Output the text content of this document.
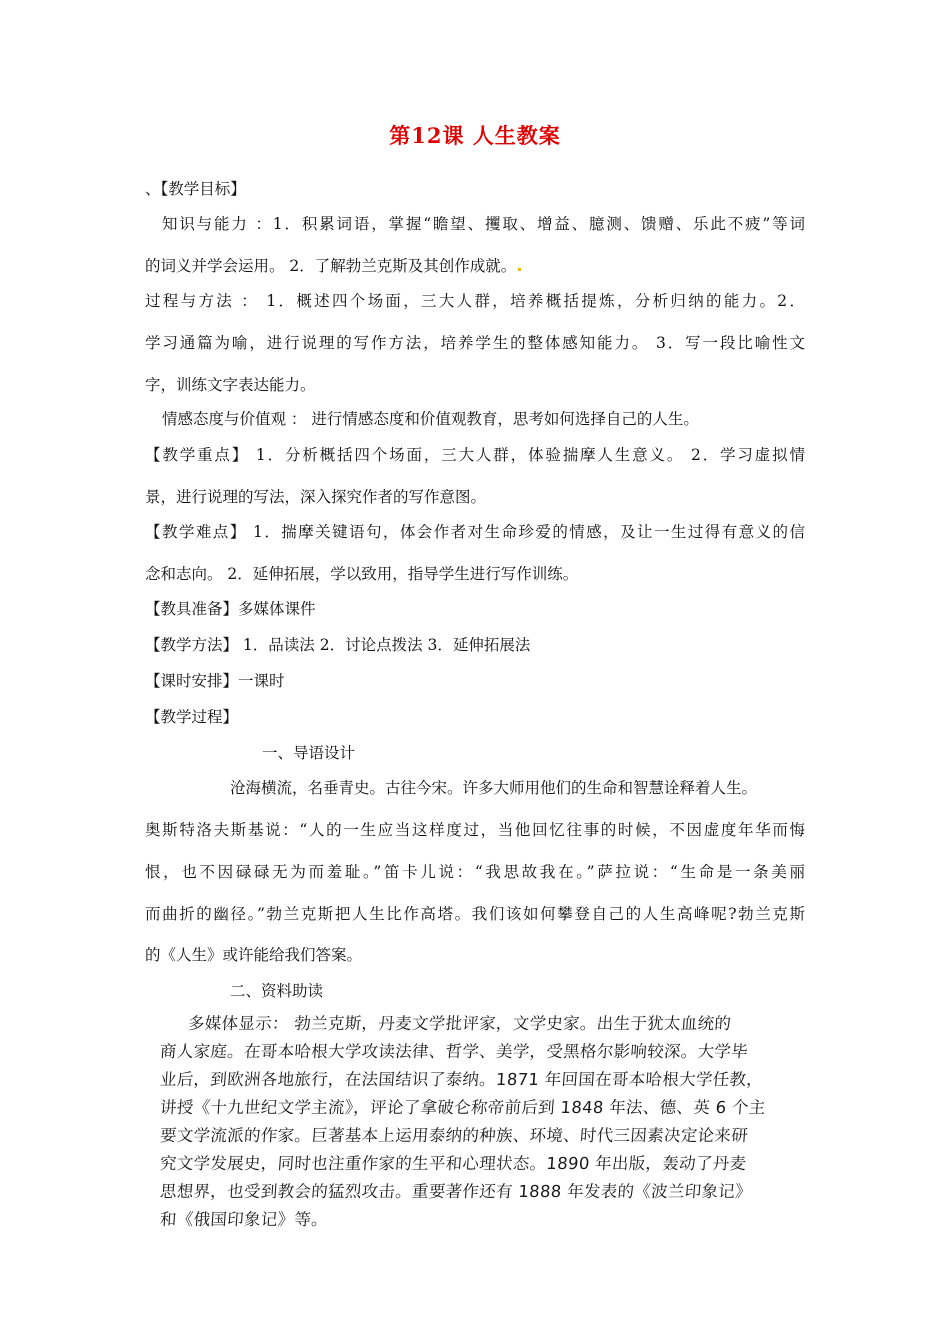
第12课 人生教案
、【教学目标】
知识与能力 ：1．积累词语，掌握“瞻望、攫取、增益、臆测、馈赠、乐此不疲”等词
的词义并学会运用。 2．了解勃兰克斯及其创作成就。
过程与方法 ： 1．概述四个场面，三大人群，培养概括提炼，分析归纳的能力。2．
学习通篇为喻，进行说理的写作方法，培养学生的整体感知能力。 3．写一段比喻性文
字，训练文字表达能力。
情感态度与价值观 ： 进行情感态度和价值观教育，思考如何选择自己的人生。
【教学重点】 1．分析概括四个场面，三大人群，体验揣摩人生意义。 2．学习虚拟情
景，进行说理的写法，深入探究作者的写作意图。
【教学难点】 1．揣摩关键语句，体会作者对生命珍爱的情感，及让一生过得有意义的信
念和志向。 2．延伸拓展，学以致用，指导学生进行写作训练。
【教具准备】多媒体课件
【教学方法】 1．品读法 2．讨论点拨法 3．延伸拓展法
【课时安排】一课时
【教学过程】
一、导语设计
沧海横流，名垂青史。古往今宋。许多大师用他们的生命和智慧诠释着人生。
奥斯特洛夫斯基说：“人的一生应当这样度过，当他回忆往事的时候，不因虚度年华而悔
恨，也不因碌碌无为而羞耻。”笛卡儿说：“我思故我在。”萨拉说：“生命是一条美丽
而曲折的幽径。”勃兰克斯把人生比作高塔。我们该如何攀登自己的人生高峰呢?勃兰克斯
的《人生》或许能给我们答案。
二、资料助读
多媒体显示： 勃兰克斯，丹麦文学批评家，文学史家。出生于犹太血统的
商人家庭。在哥本哈根大学攻读法律、哲学、美学，受黑格尔影响较深。大学毕
业后，到欧洲各地旅行，在法国结识了泰纳。1871 年回国在哥本哈根大学任教，
讲授《十九世纪文学主流》，评论了拿破仑称帝前后到 1848 年法、德、英 6 个主
要文学流派的作家。巨著基本上运用泰纳的种族、环境、时代三因素决定论来研
究文学发展史，同时也注重作家的生平和心理状态。1890 年出版，轰动了丹麦
思想界，也受到教会的猛烈攻击。重要著作还有 1888 年发表的《波兰印象记》
和《俄国印象记》等。
